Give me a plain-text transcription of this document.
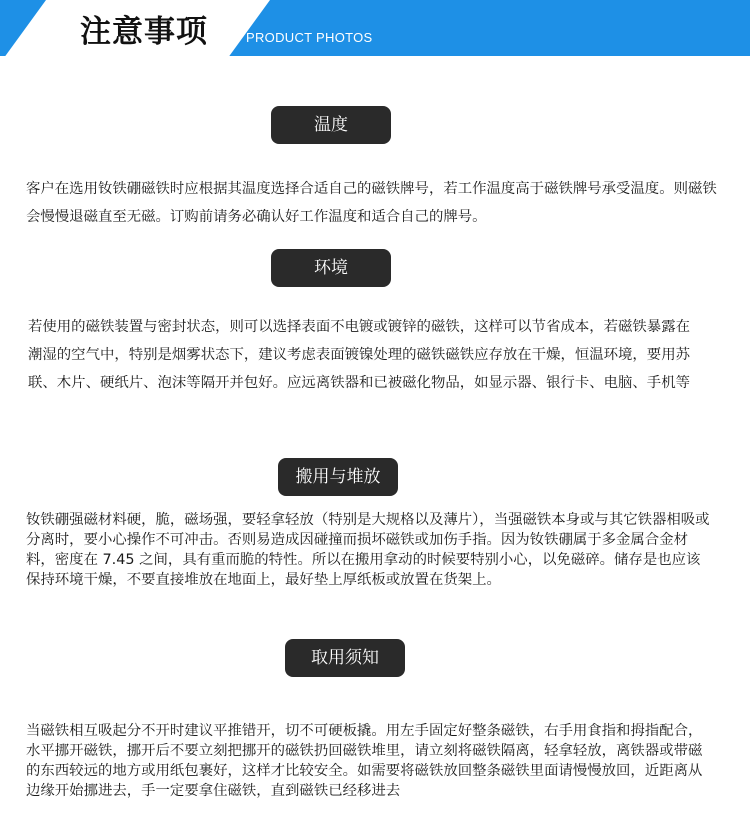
注意事项	PRODUCT PHOTOS
温度

客户在选用钕铁硼磁铁时应根据其温度选择合适自己的磁铁牌号，若工作温度高于磁铁牌号承受温度。则磁铁会慢慢退磁直至无磁。订购前请务必确认好工作温度和适合自己的牌号。

环境

若使用的磁铁装置与密封状态，则可以选择表面不电镀或镀锌的磁铁，这样可以节省成本，若磁铁暴露在潮湿的空气中，特别是烟雾状态下，建议考虑表面镀镍处理的磁铁磁铁应存放在干燥，恒温环境，要用苏联、木片、硬纸片、泡沫等隔开并包好。应远离铁器和已被磁化物品，如显示器、银行卡、电脑、手机等

搬用与堆放

钕铁硼强磁材料硬，脆，磁场强，要轻拿轻放（特别是大规格以及薄片），当强磁铁本身或与其它铁器相吸或分离时，要小心操作不可冲击。否则易造成因碰撞而损坏磁铁或加伤手指。因为钕铁硼属于多金属合金材料，密度在 7.45 之间，具有重而脆的特性。所以在搬用拿动的时候要特别小心，以免磁碎。储存是也应该保持环境干燥，不要直接堆放在地面上，最好垫上厚纸板或放置在货架上。

取用须知

当磁铁相互吸起分不开时建议平推错开，切不可硬板撬。用左手固定好整条磁铁，右手用食指和拇指配合，水平挪开磁铁，挪开后不要立刻把挪开的磁铁扔回磁铁堆里，请立刻将磁铁隔离，轻拿轻放，离铁器或带磁的东西较远的地方或用纸包裹好，这样才比较安全。如需要将磁铁放回整条磁铁里面请慢慢放回，近距离从边缘开始挪进去，手一定要拿住磁铁，直到磁铁已经移进去
